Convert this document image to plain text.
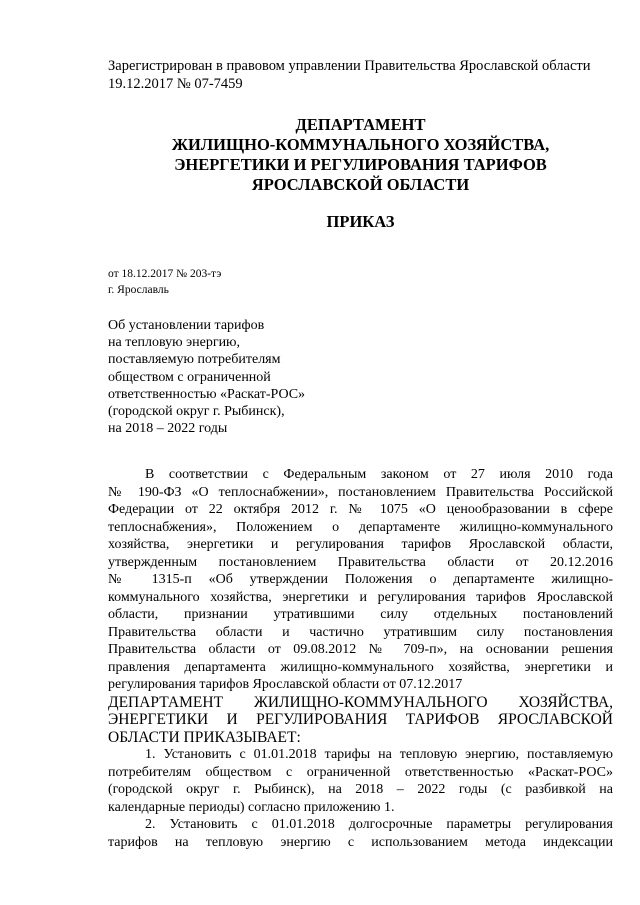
Зарегистрирован в правовом управлении Правительства Ярославской области
19.12.2017 № 07-7459
ДЕПАРТАМЕНТ
ЖИЛИЩНО-КОММУНАЛЬНОГО ХОЗЯЙСТВА,
ЭНЕРГЕТИКИ И РЕГУЛИРОВАНИЯ ТАРИФОВ
ЯРОСЛАВСКОЙ ОБЛАСТИ
ПРИКАЗ
от 18.12.2017 № 203-тэ
г. Ярославль
Об установлении тарифов
на тепловую энергию,
поставляемую потребителям
обществом с ограниченной
ответственностью «Раскат-РОС»
(городской округ г. Рыбинск),
на 2018 – 2022 годы
В соответствии с Федеральным законом от 27 июля 2010 года
№ 190-ФЗ «О теплоснабжении», постановлением Правительства Российской
Федерации от 22 октября 2012 г. № 1075 «О ценообразовании в сфере
теплоснабжения», Положением о департаменте жилищно-коммунального
хозяйства, энергетики и регулирования тарифов Ярославской области,
утвержденным постановлением Правительства области от 20.12.2016
№ 1315-п «Об утверждении Положения о департаменте жилищно-
коммунального хозяйства, энергетики и регулирования тарифов Ярославской
области, признании утратившими силу отдельных постановлений
Правительства области и частично утратившим силу постановления
Правительства области от 09.08.2012 № 709-п», на основании решения
правления департамента жилищно-коммунального хозяйства, энергетики и
регулирования тарифов Ярославской области от 07.12.2017
ДЕПАРТАМЕНТ ЖИЛИЩНО-КОММУНАЛЬНОГО ХОЗЯЙСТВА,
ЭНЕРГЕТИКИ И РЕГУЛИРОВАНИЯ ТАРИФОВ ЯРОСЛАВСКОЙ
ОБЛАСТИ ПРИКАЗЫВАЕТ:
1. Установить с 01.01.2018 тарифы на тепловую энергию, поставляемую
потребителям обществом с ограниченной ответственностью «Раскат-РОС»
(городской округ г. Рыбинск), на 2018 – 2022 годы (с разбивкой на
календарные периоды) согласно приложению 1.
2. Установить с 01.01.2018 долгосрочные параметры регулирования
тарифов на тепловую энергию с использованием метода индексации
